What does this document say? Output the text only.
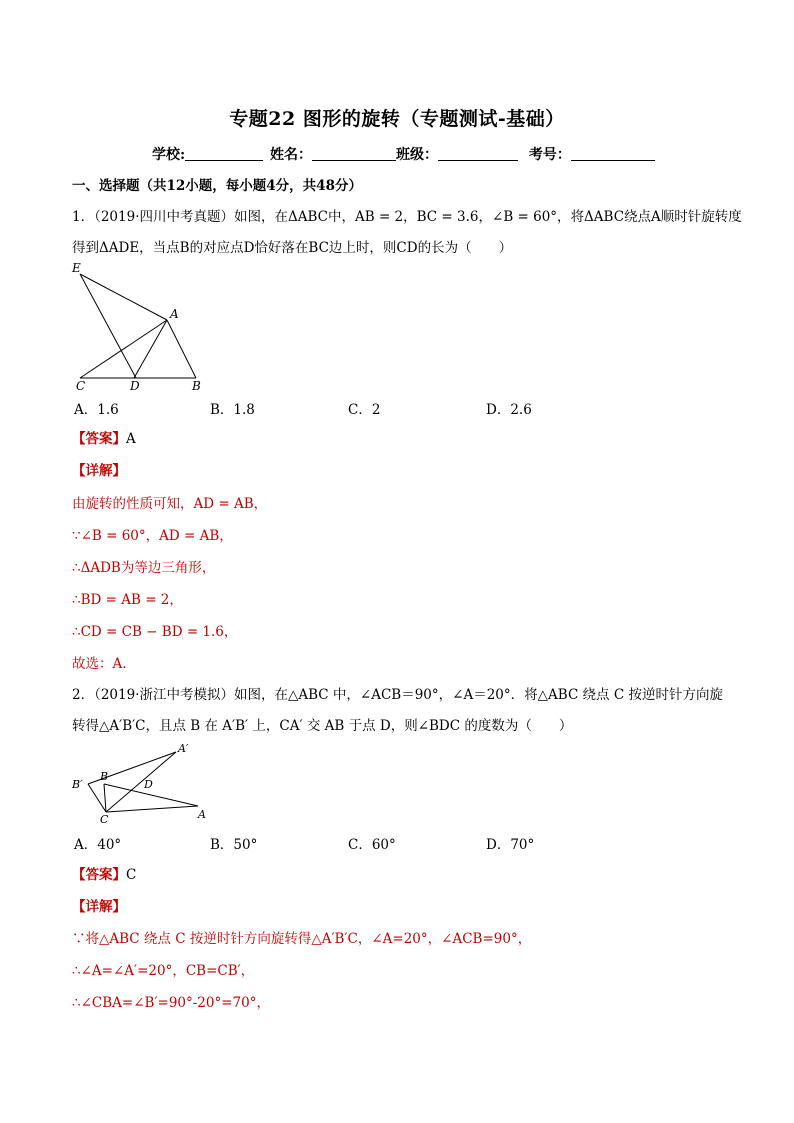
专题22 图形的旋转（专题测试-基础）
学校:	姓名：	班级：	考号：
一、选择题（共12小题，每小题4分，共48分）
1．（2019·四川中考真题）如图，在ΔABC中，AB = 2，BC = 3.6，∠B = 60°，将ΔABC绕点A顺时针旋转度
得到ΔADE，当点B的对应点D恰好落在BC边上时，则CD的长为（　　）
E
A
C	D	B
A．1.6	B．1.8	C．2	D．2.6
【答案】A
【详解】
由旋转的性质可知，AD = AB，
∵∠B = 60°，AD = AB，
∴ΔADB为等边三角形，
∴BD = AB = 2，
∴CD = CB − BD = 1.6，
故选：A.
2．（2019·浙江中考模拟）如图，在△ABC 中，∠ACB＝90°，∠A＝20°．将△ABC 绕点 C 按逆时针方向旋
转得△A′B′C，且点 B 在 A′B′ 上，CA′ 交 AB 于点 D，则∠BDC 的度数为（　　）
A′
B
B′	D
C	A
A．40°	B．50°	C．60°	D．70°
【答案】C
【详解】
∵将△ABC 绕点 C 按逆时针方向旋转得△A′B′C，∠A=20°，∠ACB=90°，
∴∠A=∠A′=20°，CB=CB′，
∴∠CBA=∠B′=90°-20°=70°，
